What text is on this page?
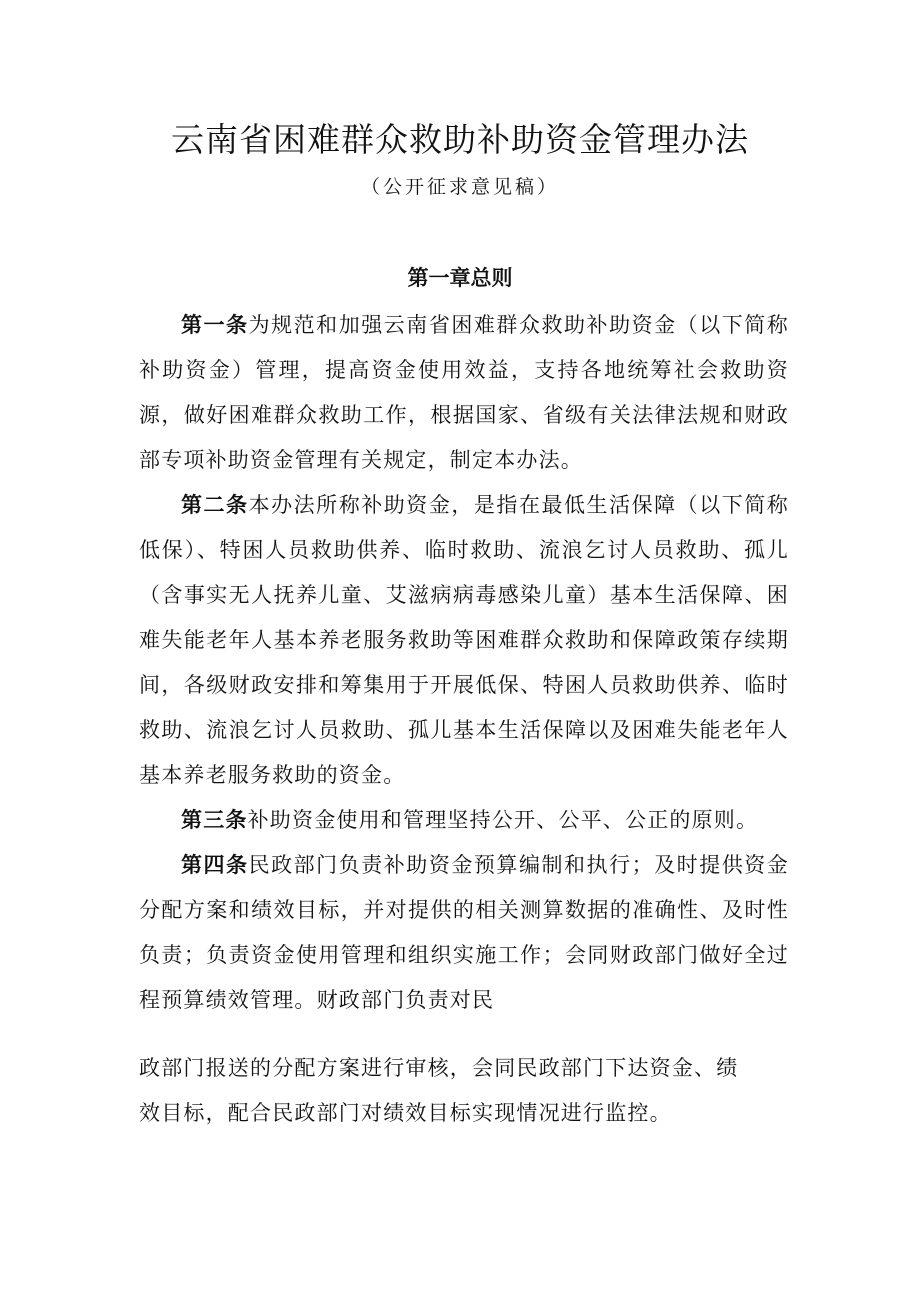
云南省困难群众救助补助资金管理办法
（公开征求意见稿）
第一章总则

第一条为规范和加强云南省困难群众救助补助资金（以下简称补助资金）管理，提高资金使用效益，支持各地统筹社会救助资源，做好困难群众救助工作，根据国家、省级有关法律法规和财政部专项补助资金管理有关规定，制定本办法。

第二条本办法所称补助资金，是指在最低生活保障（以下简称低保）、特困人员救助供养、临时救助、流浪乞讨人员救助、孤儿（含事实无人抚养儿童、艾滋病病毒感染儿童）基本生活保障、困难失能老年人基本养老服务救助等困难群众救助和保障政策存续期间，各级财政安排和筹集用于开展低保、特困人员救助供养、临时救助、流浪乞讨人员救助、孤儿基本生活保障以及困难失能老年人基本养老服务救助的资金。

第三条补助资金使用和管理坚持公开、公平、公正的原则。

第四条民政部门负责补助资金预算编制和执行；及时提供资金分配方案和绩效目标，并对提供的相关测算数据的准确性、及时性负责；负责资金使用管理和组织实施工作；会同财政部门做好全过程预算绩效管理。财政部门负责对民

政部门报送的分配方案进行审核，会同民政部门下达资金、绩

效目标，配合民政部门对绩效目标实现情况进行监控。
